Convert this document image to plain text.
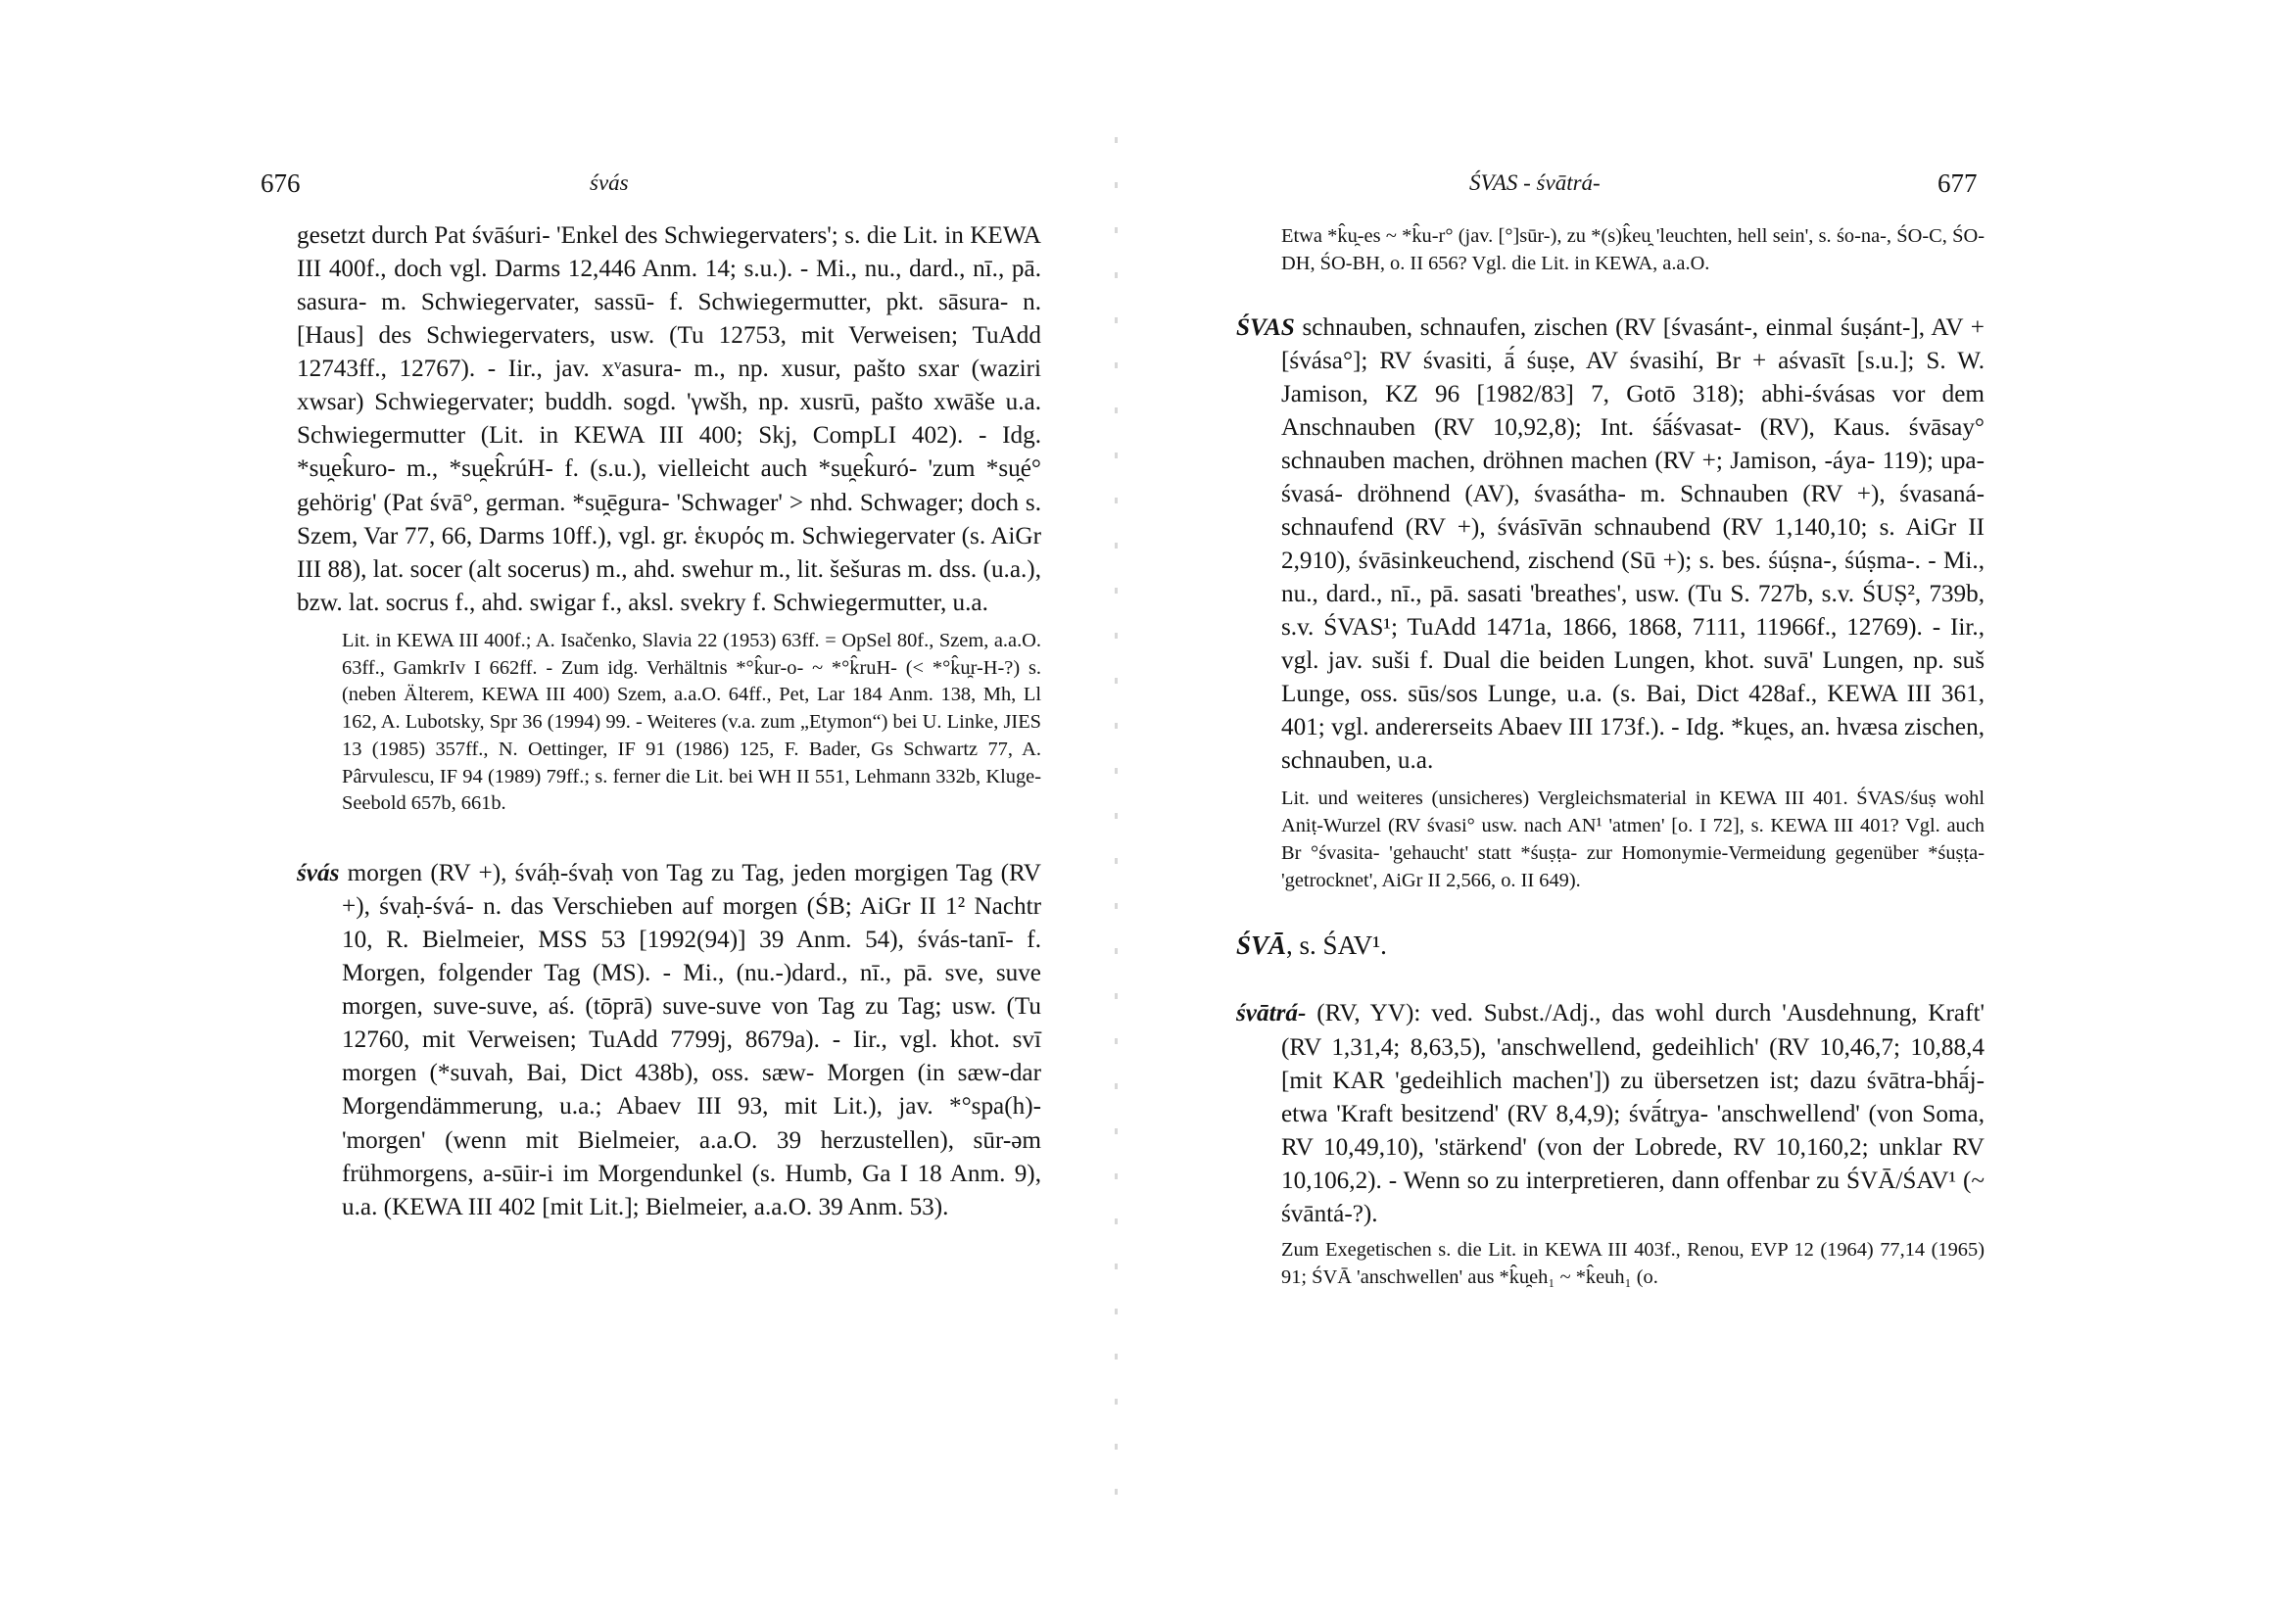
676	śvás

gesetzt durch Pat śvāśuri- 'Enkel des Schwiegervaters'; s. die Lit. in KEWA III 400f., doch vgl. Darms 12,446 Anm. 14; s.u.). - Mi., nu., dard., nī., pā. sasura- m. Schwiegervater, sassū- f. Schwiegermutter, pkt. sāsura- n. [Haus] des Schwiegervaters, usw. (Tu 12753, mit Verweisen; TuAdd 12743ff., 12767). - Iir., jav. xᵛasura- m., np. xusur, pašto sxar (waziri xwsar) Schwiegervater; buddh. sogd. 'γwšh, np. xusrū, pašto xwāše u.a. Schwiegermutter (Lit. in KEWA III 400; Skj, CompLI 402). - Idg. *su̯ek̂uro- m., *su̯ek̂rúH- f. (s.u.), vielleicht auch *su̯ek̂uró- 'zum *su̯é° gehörig' (Pat śvā°, german. *su̯ēgura- 'Schwager' > nhd. Schwager; doch s. Szem, Var 77, 66, Darms 10ff.), vgl. gr. ἑκυρός m. Schwiegervater (s. AiGr III 88), lat. socer (alt socerus) m., ahd. swehur m., lit. šešuras m. dss. (u.a.), bzw. lat. socrus f., ahd. swigar f., aksl. svekry f. Schwiegermutter, u.a.

Lit. in KEWA III 400f.; A. Isačenko, Slavia 22 (1953) 63ff. = OpSel 80f., Szem, a.a.O. 63ff., GamkrIv I 662ff. - Zum idg. Verhältnis *°k̂ur-o- ~ *°k̂ruH- (< *°k̂u̯r-H-?) s. (neben Älterem, KEWA III 400) Szem, a.a.O. 64ff., Pet, Lar 184 Anm. 138, Mh, Ll 162, A. Lubotsky, Spr 36 (1994) 99. - Weiteres (v.a. zum „Etymon“) bei U. Linke, JIES 13 (1985) 357ff., N. Oettinger, IF 91 (1986) 125, F. Bader, Gs Schwartz 77, A. Pârvulescu, IF 94 (1989) 79ff.; s. ferner die Lit. bei WH II 551, Lehmann 332b, Kluge-Seebold 657b, 661b.

śvás morgen (RV +), śváḥ-śvaḥ von Tag zu Tag, jeden morgigen Tag (RV +), śvaḥ-śvá- n. das Verschieben auf morgen (ŚB; AiGr II 1² Nachtr 10, R. Bielmeier, MSS 53 [1992(94)] 39 Anm. 54), śvás-tanī- f. Morgen, folgender Tag (MS). - Mi., (nu.-)dard., nī., pā. sve, suve morgen, suve-suve, aś. (tōprā) suve-suve von Tag zu Tag; usw. (Tu 12760, mit Verweisen; TuAdd 7799j, 8679a). - Iir., vgl. khot. svī morgen (*suvah, Bai, Dict 438b), oss. sæw- Morgen (in sæw-dar Morgendämmerung, u.a.; Abaev III 93, mit Lit.), jav. *°spa(h)- 'morgen' (wenn mit Bielmeier, a.a.O. 39 herzustellen), sūr-əm frühmorgens, a-sūir-i im Morgendunkel (s. Humb, Ga I 18 Anm. 9), u.a. (KEWA III 402 [mit Lit.]; Bielmeier, a.a.O. 39 Anm. 53).

ŚVAS - śvātrá-	677

Etwa *k̂u̯-es ~ *k̂u-r° (jav. [°]sūr-), zu *(s)k̂eu̯ 'leuchten, hell sein', s. śo-na-, ŚO-C, ŚO-DH, ŚO-BH, o. II 656? Vgl. die Lit. in KEWA, a.a.O.

ŚVAS schnauben, schnaufen, zischen (RV [śvasánt-, einmal śuṣánt-], AV + [śvása°]; RV śvasiti, ā́ śuṣe, AV śvasihí, Br + aśvasīt [s.u.]; S. W. Jamison, KZ 96 [1982/83] 7, Gotō 318); abhi-śvásas vor dem Anschnauben (RV 10,92,8); Int. śā́śvasat- (RV), Kaus. śvāsay° schnauben machen, dröhnen machen (RV +; Jamison, -áya- 119); upa-śvasá- dröhnend (AV), śvasátha- m. Schnauben (RV +), śvasaná- schnaufend (RV +), śvásīvān schnaubend (RV 1,140,10; s. AiGr II 2,910), śvāsinkeuchend, zischend (Sū +); s. bes. śúṣna-, śúṣma-. - Mi., nu., dard., nī., pā. sasati 'breathes', usw. (Tu S. 727b, s.v. ŚUṢ², 739b, s.v. ŚVAS¹; TuAdd 1471a, 1866, 1868, 7111, 11966f., 12769). - Iir., vgl. jav. suši f. Dual die beiden Lungen, khot. suvā' Lungen, np. suš Lunge, oss. sūs/sos Lunge, u.a. (s. Bai, Dict 428af., KEWA III 361, 401; vgl. andererseits Abaev III 173f.). - Idg. *ku̯es, an. hvæsa zischen, schnauben, u.a.

Lit. und weiteres (unsicheres) Vergleichsmaterial in KEWA III 401. ŚVAS/śuṣ wohl Aniṭ-Wurzel (RV śvasi° usw. nach AN¹ 'atmen' [o. I 72], s. KEWA III 401? Vgl. auch Br °śvasita- 'gehaucht' statt *śuṣṭa- zur Homonymie-Vermeidung gegenüber *śuṣṭa- 'getrocknet', AiGr II 2,566, o. II 649).

ŚVĀ, s. ŚAV¹.

śvātrá- (RV, YV): ved. Subst./Adj., das wohl durch 'Ausdehnung, Kraft' (RV 1,31,4; 8,63,5), 'anschwellend, gedeihlich' (RV 10,46,7; 10,88,4 [mit KAR 'gedeihlich machen']) zu übersetzen ist; dazu śvātra-bhā́j- etwa 'Kraft besitzend' (RV 8,4,9); śvā́tr̥ya- 'anschwellend' (von Soma, RV 10,49,10), 'stärkend' (von der Lobrede, RV 10,160,2; unklar RV 10,106,2). - Wenn so zu interpretieren, dann offenbar zu ŚVĀ/ŚAV¹ (~ śvāntá-?).

Zum Exegetischen s. die Lit. in KEWA III 403f., Renou, EVP 12 (1964) 77,14 (1965) 91; ŚVĀ 'anschwellen' aus *k̂u̯eh₁ ~ *k̂euh₁ (o.
